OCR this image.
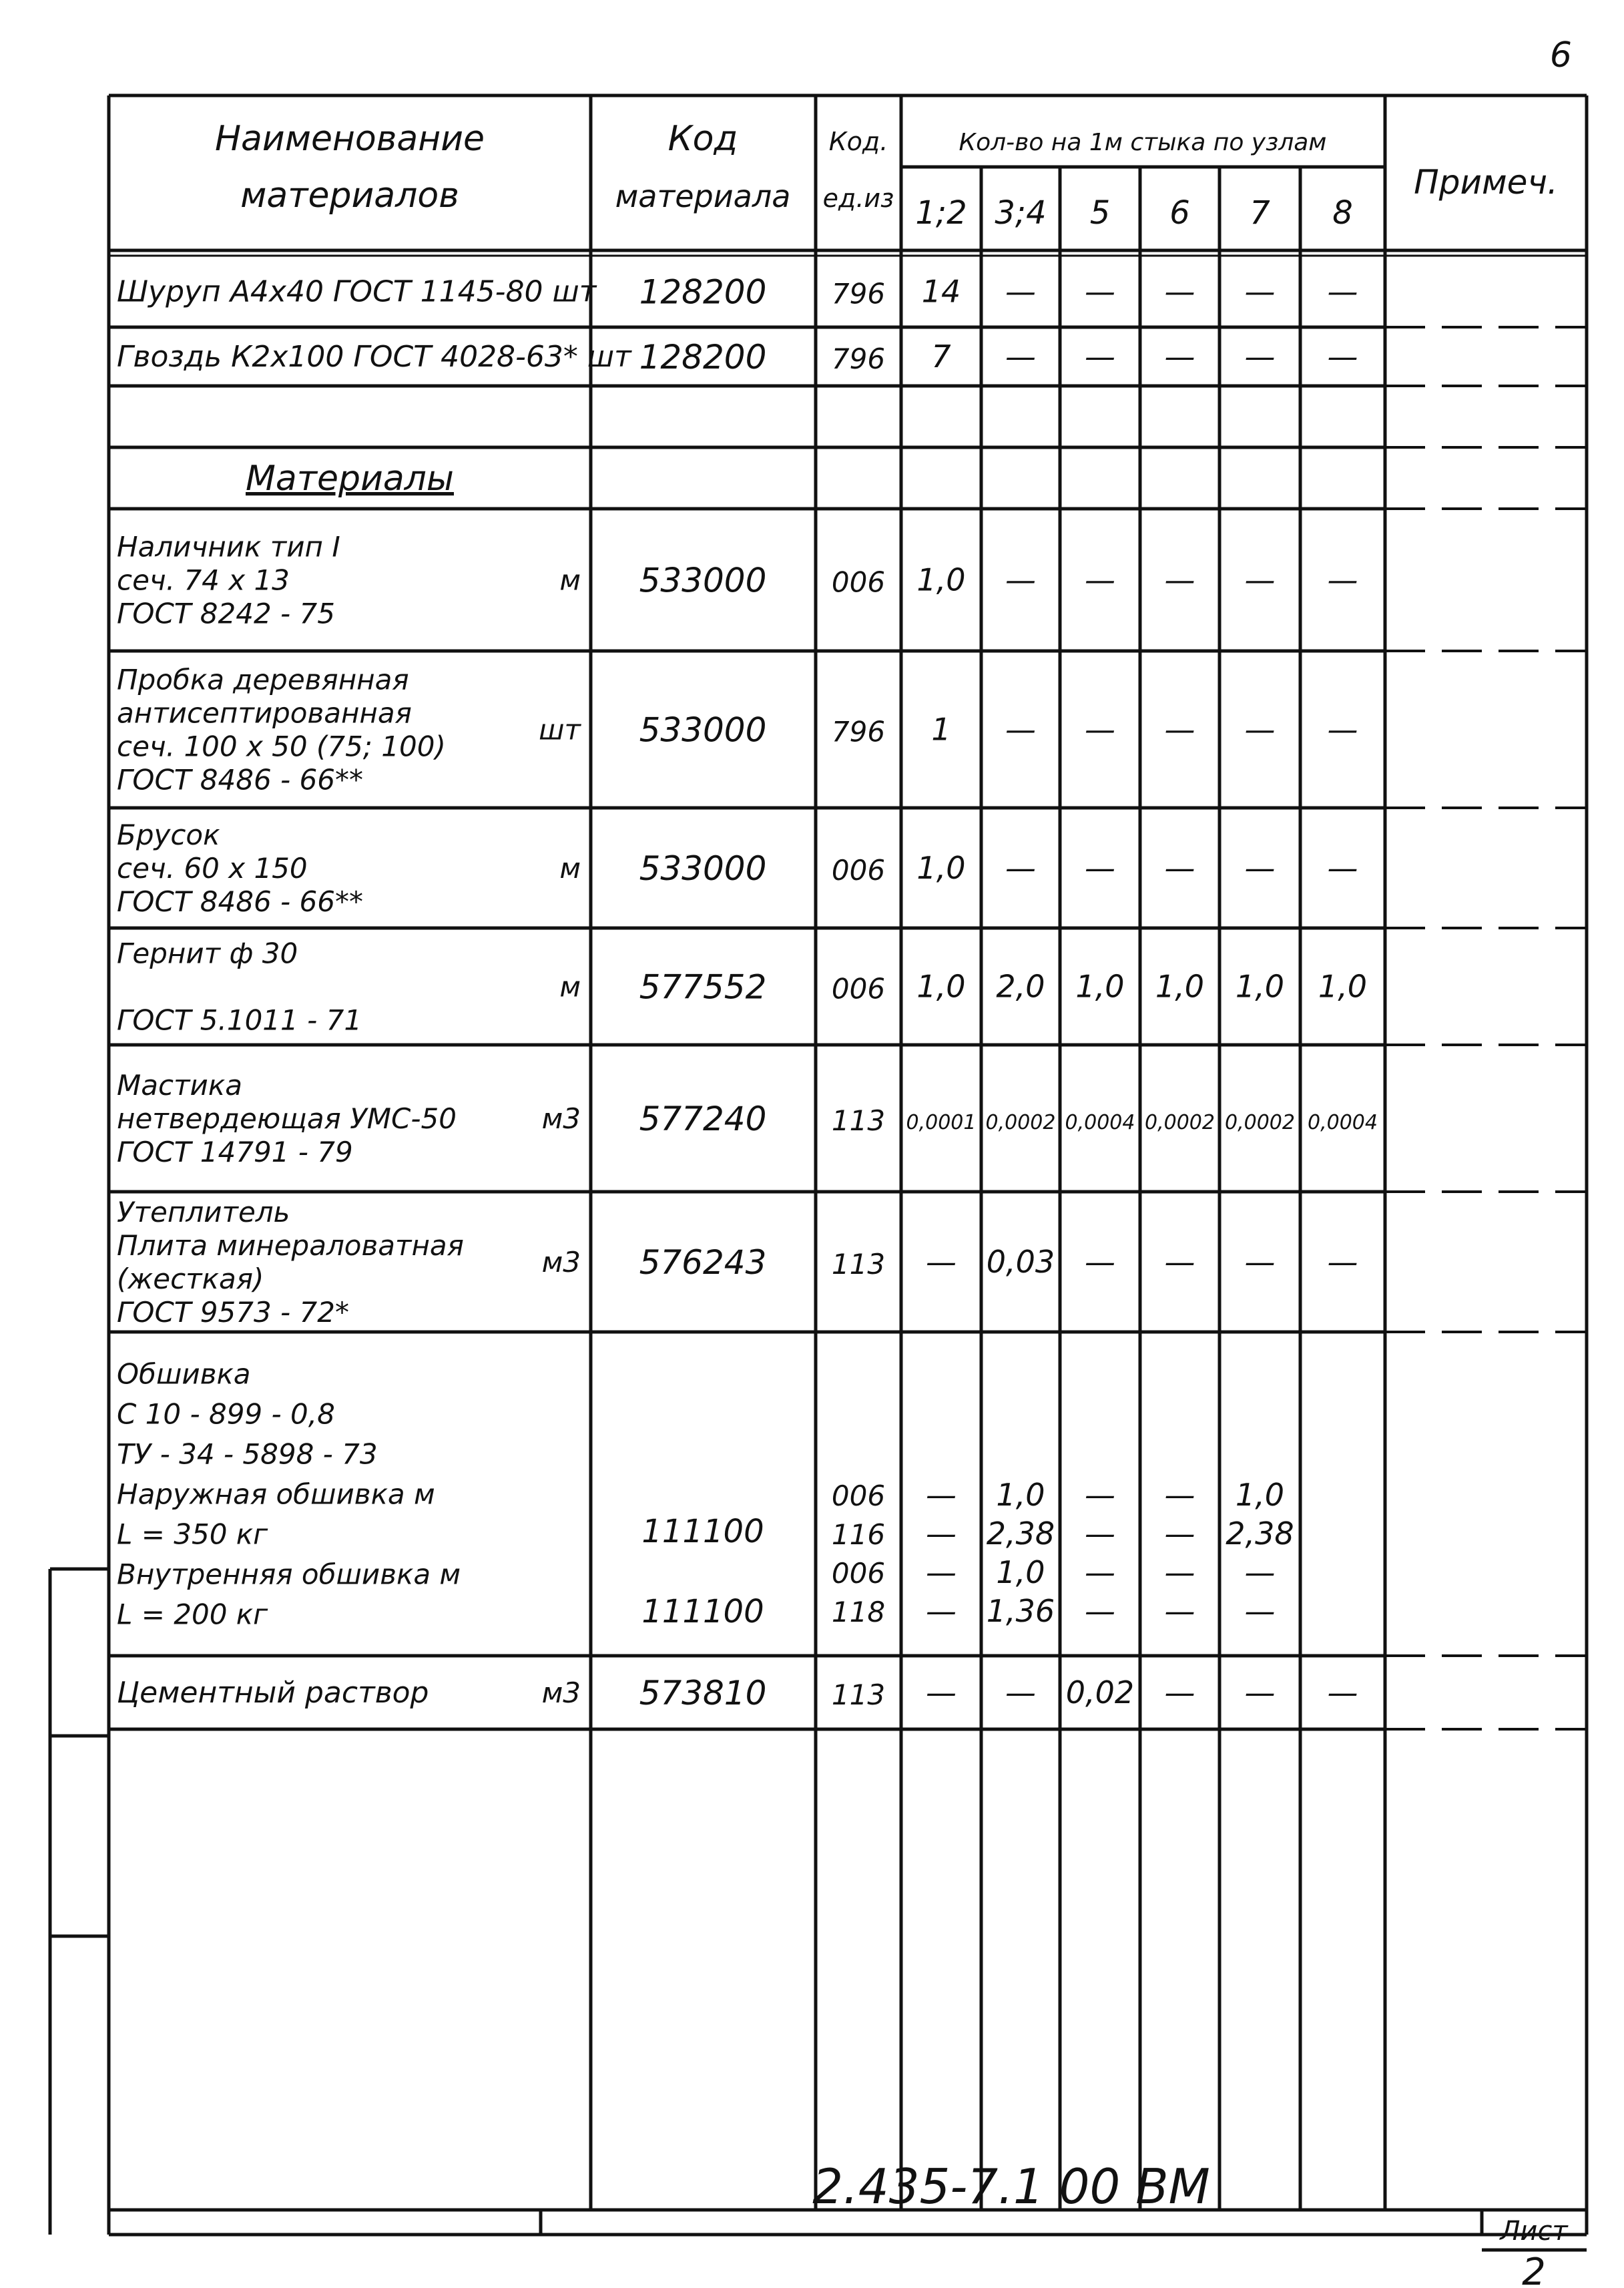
6
Наименование
материалов
Код
материала
Код.
ед.из
Кол-во на 1м стыка по узлам
1;2 3;4 5 6 7 8
Примеч.
Шуруп А4х40 ГОСТ 1145-80 шт 128200 796 14 — — — — —
Гвоздь К2х100 ГОСТ 4028-63* шт 128200 796 7 — — — — —
Материалы
Наличник тип I
сеч. 74 х 13
ГОСТ 8242 - 75
м 533000 006 1,0 — — — — —
Пробка деревянная
антисептированная
сеч. 100 х 50 (75; 100)
ГОСТ 8486 - 66**
шт 533000 796 1 — — — — —
Брусок
сеч. 60 х 150
ГОСТ 8486 - 66**
м 533000 006 1,0 — — — — —
Гернит ф 30
ГОСТ 5.1011 - 71
м 577552 006 1,0 2,0 1,0 1,0 1,0 1,0
Мастика
нетвердеющая УМС-50
ГОСТ 14791 - 79
м3 577240 113 0,0001 0,0002 0,0004 0,0002 0,0002 0,0004
Утеплитель
Плита минераловатная
(жесткая)
ГОСТ 9573 - 72*
м3 576243 113 — 0,03 — — — —
Обшивка
С 10 - 899 - 0,8
ТУ - 34 - 5898 - 73
Наружная обшивка м
L = 350 кг
Внутренняя обшивка м
L = 200 кг
111100
111100
006
116
006
118
—
—
—
—
1,0
2,38
1,0
1,36
—
—
—
—
—
—
—
—
1,0
2,38
—
—
Цементный раствор	м3 573810 113 — — 0,02 — — —
2.435-7.1 00 ВМ
Лист
2
